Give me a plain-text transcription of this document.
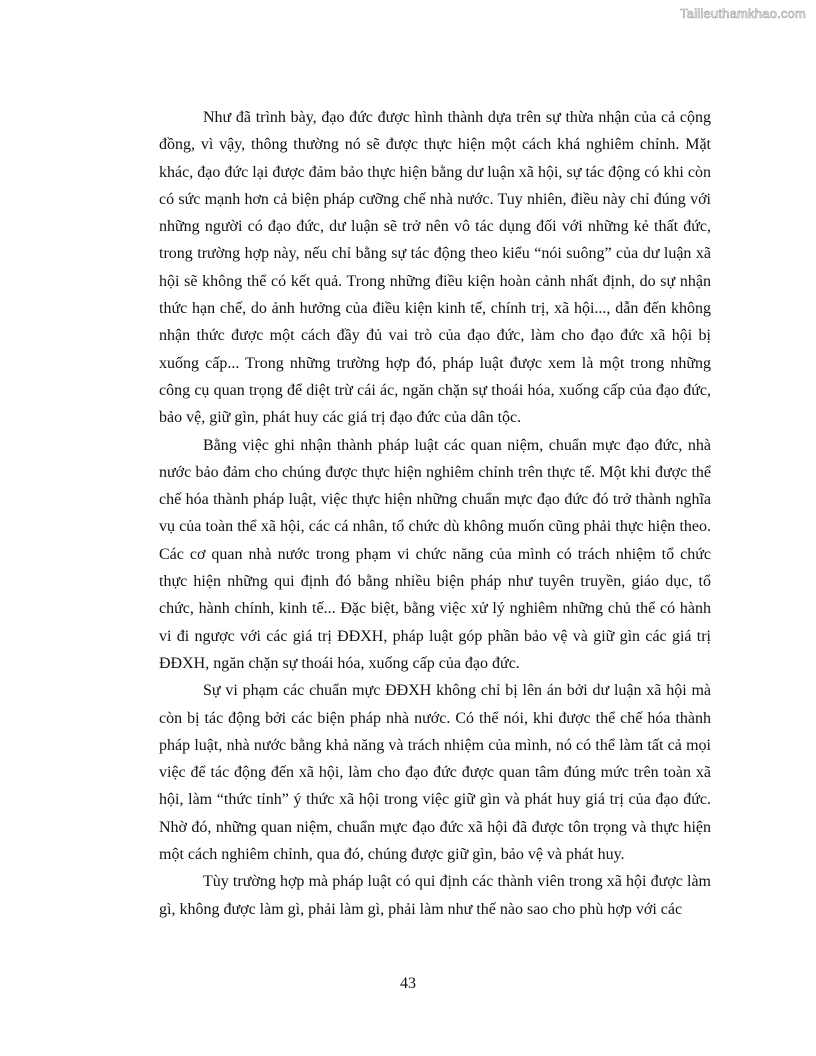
Tailieuthamkhao.com

Như đã trình bày, đạo đức được hình thành dựa trên sự thừa nhận của cả cộng đồng, vì vậy, thông thường nó sẽ được thực hiện một cách khá nghiêm chỉnh. Mặt khác, đạo đức lại được đảm bảo thực hiện bằng dư luận xã hội, sự tác động có khi còn có sức mạnh hơn cả biện pháp cưỡng chế nhà nước. Tuy nhiên, điều này chỉ đúng với những người có đạo đức, dư luận sẽ trở nên vô tác dụng đối với những kẻ thất đức, trong trường hợp này, nếu chỉ bằng sự tác động theo kiểu “nói suông” của dư luận xã hội sẽ không thể có kết quả. Trong những điều kiện hoàn cảnh nhất định, do sự nhận thức hạn chế, do ảnh hưởng của điều kiện kinh tế, chính trị, xã hội..., dẫn đến không nhận thức được một cách đầy đủ vai trò của đạo đức, làm cho đạo đức xã hội bị xuống cấp... Trong những trường hợp đó, pháp luật được xem là một trong những công cụ quan trọng để diệt trừ cái ác, ngăn chặn sự thoái hóa, xuống cấp của đạo đức, bảo vệ, giữ gìn, phát huy các giá trị đạo đức của dân tộc.

Bằng việc ghi nhận thành pháp luật các quan niệm, chuẩn mực đạo đức, nhà nước bảo đảm cho chúng được thực hiện nghiêm chỉnh trên thực tế. Một khi được thể chế hóa thành pháp luật, việc thực hiện những chuẩn mực đạo đức đó trở thành nghĩa vụ của toàn thể xã hội, các cá nhân, tổ chức dù không muốn cũng phải thực hiện theo. Các cơ quan nhà nước trong phạm vi chức năng của mình có trách nhiệm tổ chức thực hiện những qui định đó bằng nhiều biện pháp như tuyên truyền, giáo dục, tổ chức, hành chính, kinh tế... Đặc biệt, bằng việc xử lý nghiêm những chủ thể có hành vi đi ngược với các giá trị ĐĐXH, pháp luật góp phần bảo vệ và giữ gìn các giá trị ĐĐXH, ngăn chặn sự thoái hóa, xuống cấp của đạo đức.

Sự vi phạm các chuẩn mực ĐĐXH không chỉ bị lên án bởi dư luận xã hội mà còn bị tác động bởi các biện pháp nhà nước. Có thể nói, khi được thể chế hóa thành pháp luật, nhà nước bằng khả năng và trách nhiệm của mình, nó có thể làm tất cả mọi việc để tác động đến xã hội, làm cho đạo đức được quan tâm đúng mức trên toàn xã hội, làm “thức tỉnh” ý thức xã hội trong việc giữ gìn và phát huy giá trị của đạo đức. Nhờ đó, những quan niệm, chuẩn mực đạo đức xã hội đã được tôn trọng và thực hiện một cách nghiêm chỉnh, qua đó, chúng được giữ gìn, bảo vệ và phát huy.

Tùy trường hợp mà pháp luật có qui định các thành viên trong xã hội được làm gì, không được làm gì, phải làm gì, phải làm như thế nào sao cho phù hợp với các

43
